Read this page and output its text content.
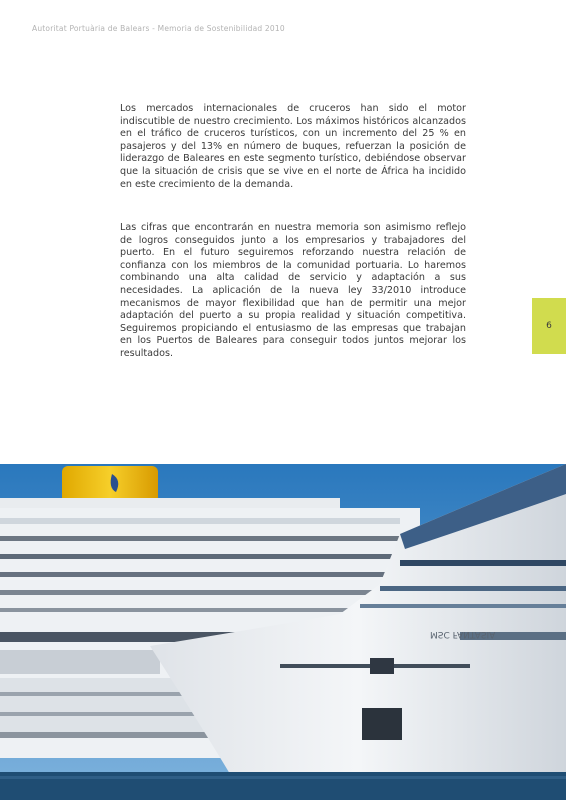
Autoritat Portuària de Balears - Memoria de Sostenibilidad 2010

Los mercados internacionales de cruceros han sido el motor indiscutible de nuestro crecimiento. Los máximos históricos alcanzados en el tráfico de cruceros turísticos, con un incremento del 25 % en pasajeros y del 13% en número de buques, refuerzan la posición de liderazgo de Baleares en este segmento turístico, debiéndose observar que la situación de crisis que se vive en el norte de África ha incidido en este crecimiento de la demanda.

Las cifras que encontrarán en nuestra memoria son asimismo reflejo de logros conseguidos junto a los empresarios y trabajadores del puerto. En el futuro seguiremos reforzando nuestra relación de confianza con los miembros de la comunidad portuaria. Lo haremos combinando una alta calidad de servicio y adaptación a sus necesidades. La aplicación de la nueva ley 33/2010 introduce mecanismos de mayor flexibilidad que han de permitir una mejor adaptación del puerto a su propia realidad y situación competitiva. Seguiremos propiciando el entusiasmo de las empresas que trabajan en los Puertos de Baleares para conseguir todos juntos mejorar los resultados.

6
MSC FANTASIA
